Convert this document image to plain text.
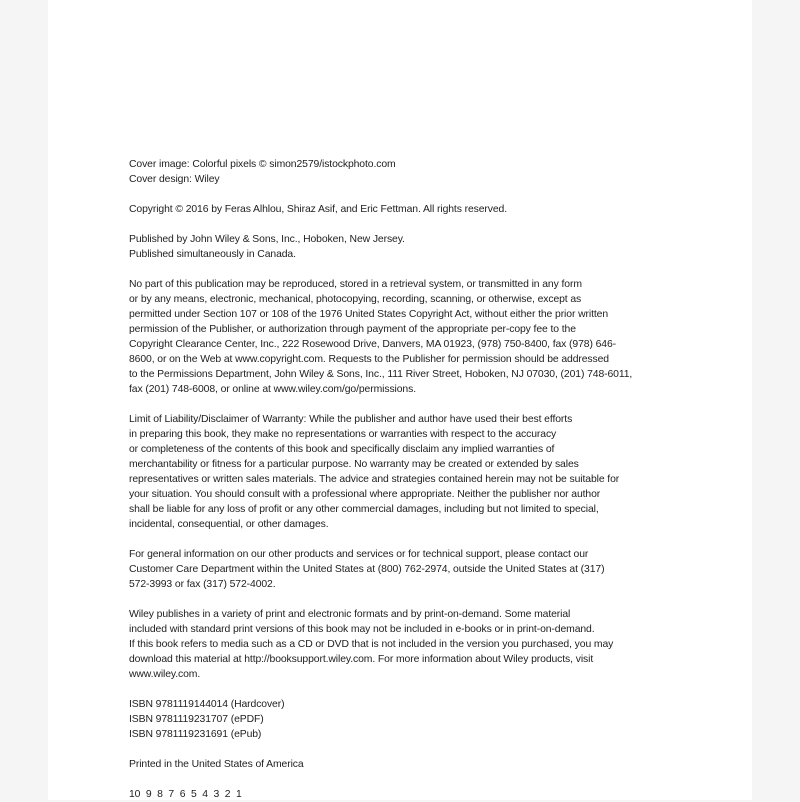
Cover image: Colorful pixels © simon2579/istockphoto.com

Cover design: Wiley

Copyright © 2016 by Feras Alhlou, Shiraz Asif, and Eric Fettman. All rights reserved.

Published by John Wiley & Sons, Inc., Hoboken, New Jersey.

Published simultaneously in Canada.

No part of this publication may be reproduced, stored in a retrieval system, or transmitted in any form
or by any means, electronic, mechanical, photocopying, recording, scanning, or otherwise, except as
permitted under Section 107 or 108 of the 1976 United States Copyright Act, without either the prior written
permission of the Publisher, or authorization through payment of the appropriate per-copy fee to the
Copyright Clearance Center, Inc., 222 Rosewood Drive, Danvers, MA 01923, (978) 750-8400, fax (978) 646-
8600, or on the Web at www.copyright.com. Requests to the Publisher for permission should be addressed
to the Permissions Department, John Wiley & Sons, Inc., 111 River Street, Hoboken, NJ 07030, (201) 748-6011,
fax (201) 748-6008, or online at www.wiley.com/go/permissions.

Limit of Liability/Disclaimer of Warranty: While the publisher and author have used their best efforts
in preparing this book, they make no representations or warranties with respect to the accuracy
or completeness of the contents of this book and specifically disclaim any implied warranties of
merchantability or fitness for a particular purpose. No warranty may be created or extended by sales
representatives or written sales materials. The advice and strategies contained herein may not be suitable for
your situation. You should consult with a professional where appropriate. Neither the publisher nor author
shall be liable for any loss of profit or any other commercial damages, including but not limited to special,
incidental, consequential, or other damages.

For general information on our other products and services or for technical support, please contact our
Customer Care Department within the United States at (800) 762-2974, outside the United States at (317)
572-3993 or fax (317) 572-4002.

Wiley publishes in a variety of print and electronic formats and by print-on-demand. Some material
included with standard print versions of this book may not be included in e-books or in print-on-demand.
If this book refers to media such as a CD or DVD that is not included in the version you purchased, you may
download this material at http://booksupport.wiley.com. For more information about Wiley products, visit
www.wiley.com.

ISBN 9781119144014 (Hardcover)

ISBN 9781119231707 (ePDF)

ISBN 9781119231691 (ePub)

Printed in the United States of America

10  9  8  7  6  5  4  3  2  1
